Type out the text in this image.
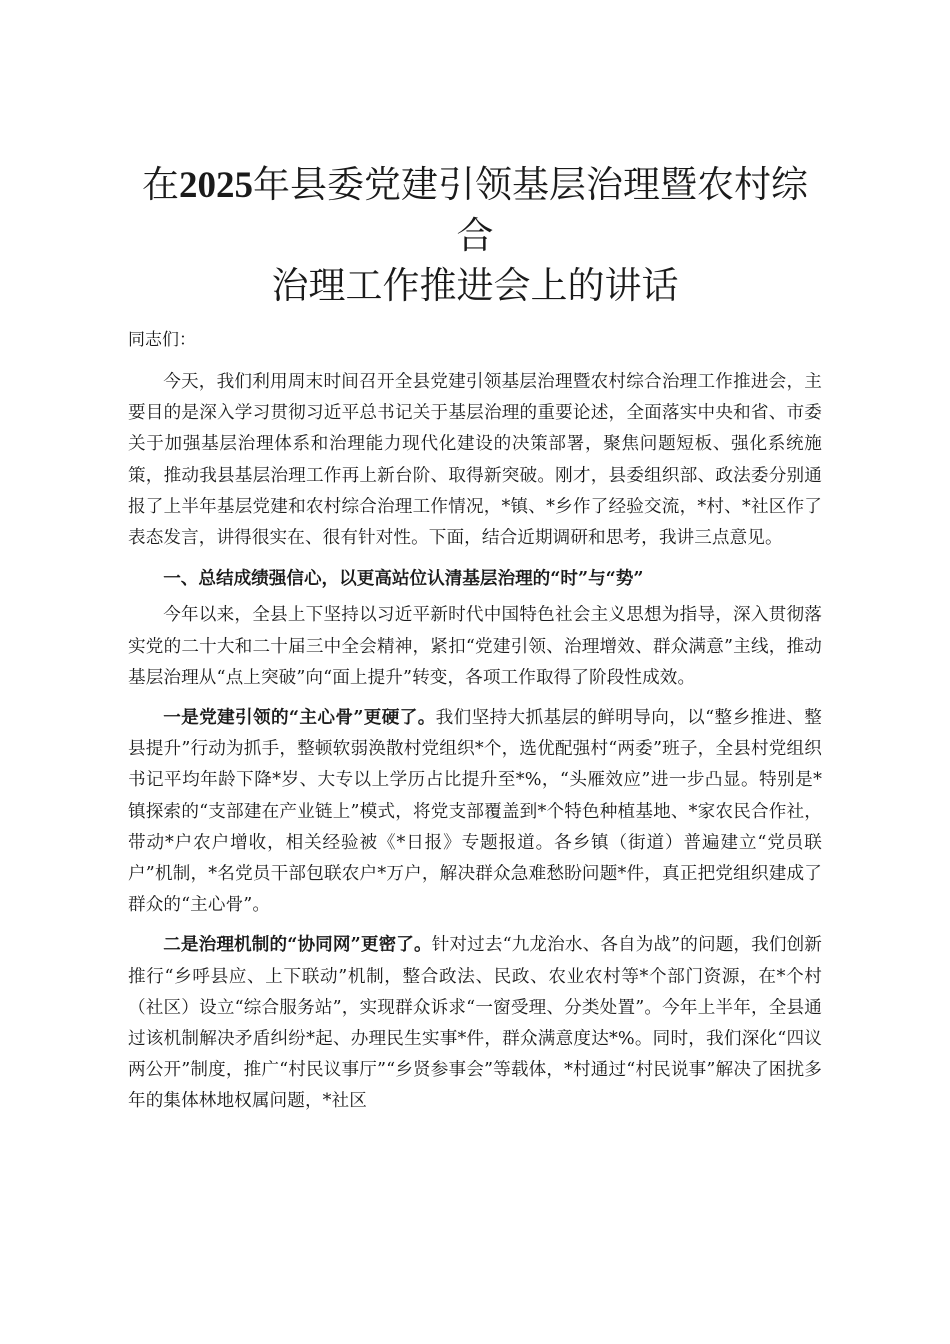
在2025年县委党建引领基层治理暨农村综合
治理工作推进会上的讲话

同志们：

今天，我们利用周末时间召开全县党建引领基层治理暨农村综合治理工作推进会，主要目的是深入学习贯彻习近平总书记关于基层治理的重要论述，全面落实中央和省、市委关于加强基层治理体系和治理能力现代化建设的决策部署，聚焦问题短板、强化系统施策，推动我县基层治理工作再上新台阶、取得新突破。刚才，县委组织部、政法委分别通报了上半年基层党建和农村综合治理工作情况，*镇、*乡作了经验交流，*村、*社区作了表态发言，讲得很实在、很有针对性。下面，结合近期调研和思考，我讲三点意见。

一、总结成绩强信心，以更高站位认清基层治理的“时”与“势”

今年以来，全县上下坚持以习近平新时代中国特色社会主义思想为指导，深入贯彻落实党的二十大和二十届三中全会精神，紧扣“党建引领、治理增效、群众满意”主线，推动基层治理从“点上突破”向“面上提升”转变，各项工作取得了阶段性成效。

一是党建引领的“主心骨”更硬了。我们坚持大抓基层的鲜明导向，以“整乡推进、整县提升”行动为抓手，整顿软弱涣散村党组织*个，选优配强村“两委”班子，全县村党组织书记平均年龄下降*岁、大专以上学历占比提升至*%，“头雁效应”进一步凸显。特别是*镇探索的“支部建在产业链上”模式，将党支部覆盖到*个特色种植基地、*家农民合作社，带动*户农户增收，相关经验被《*日报》专题报道。各乡镇（街道）普遍建立“党员联户”机制，*名党员干部包联农户*万户，解决群众急难愁盼问题*件，真正把党组织建成了群众的“主心骨”。

二是治理机制的“协同网”更密了。针对过去“九龙治水、各自为战”的问题，我们创新推行“乡呼县应、上下联动”机制，整合政法、民政、农业农村等*个部门资源，在*个村（社区）设立“综合服务站”，实现群众诉求“一窗受理、分类处置”。今年上半年，全县通过该机制解决矛盾纠纷*起、办理民生实事*件，群众满意度达*%。同时，我们深化“四议两公开”制度，推广“村民议事厅”“乡贤参事会”等载体，*村通过“村民说事”解决了困扰多年的集体林地权属问题，*社区
